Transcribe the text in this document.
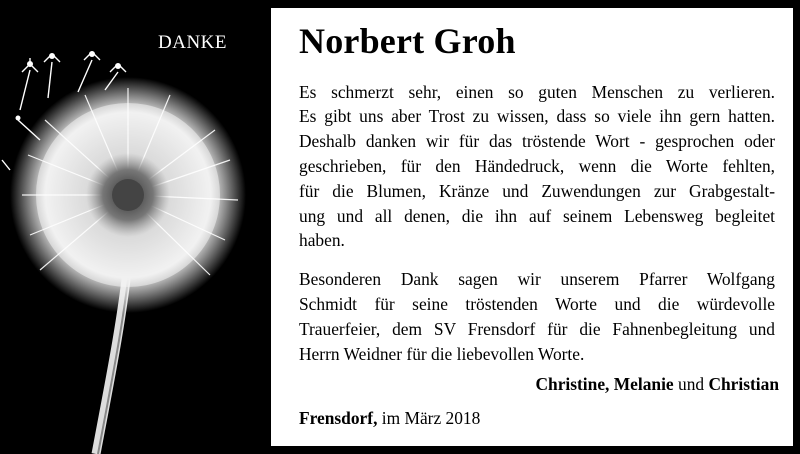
DANKE Norbert Groh
Es schmerzt sehr, einen so guten Menschen zu verlieren.
Es gibt uns aber Trost zu wissen, dass so viele ihn gern hatten.
Deshalb danken wir für das tröstende Wort - gesprochen oder
geschrieben, für den Händedruck, wenn die Worte fehlten,
für die Blumen, Kränze und Zuwendungen zur Grabgestalt-
ung und all denen, die ihn auf seinem Lebensweg begleitet
haben.
Besonderen Dank sagen wir unserem Pfarrer Wolfgang
Schmidt für seine tröstenden Worte und die würdevolle
Trauerfeier, dem SV Frensdorf für die Fahnenbegleitung und
Herrn Weidner für die liebevollen Worte.
Christine, Melanie und Christian
Frensdorf, im März 2018
